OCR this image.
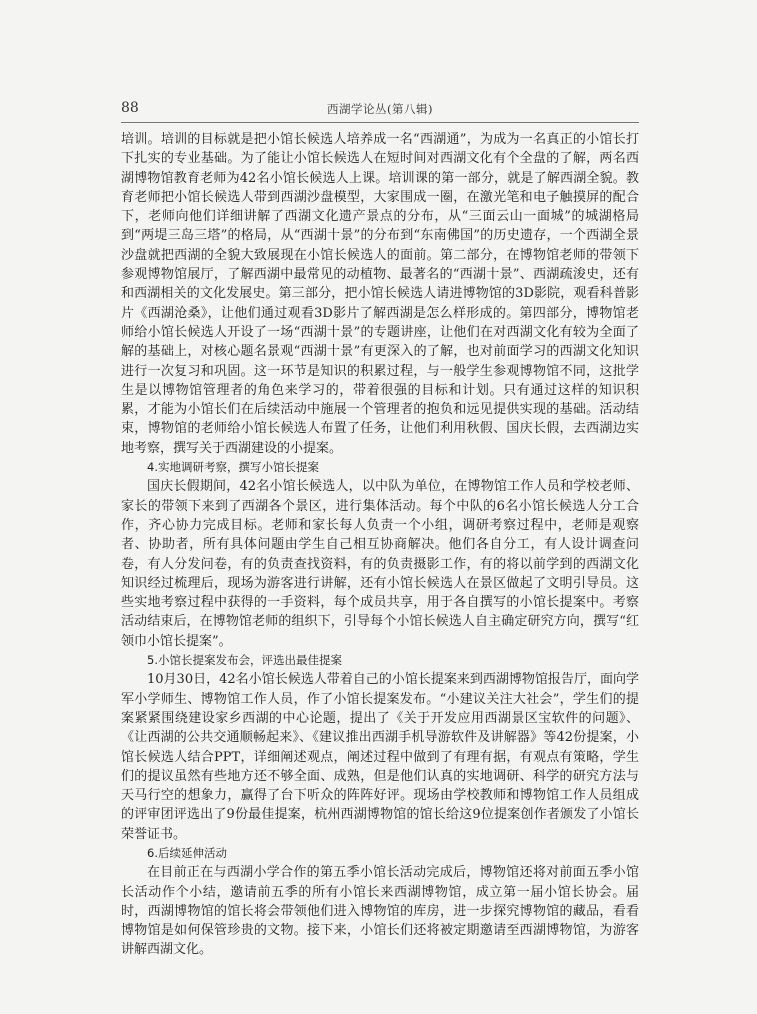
88	西湖学论丛(第八辑)

培训。培训的目标就是把小馆长候选人培养成一名“西湖通”，为成为一名真正的小馆长打下扎实的专业基础。为了能让小馆长候选人在短时间对西湖文化有个全盘的了解，两名西湖博物馆教育老师为42名小馆长候选人上课。培训课的第一部分，就是了解西湖全貌。教育老师把小馆长候选人带到西湖沙盘模型，大家围成一圈，在激光笔和电子触摸屏的配合下，老师向他们详细讲解了西湖文化遗产景点的分布，从“三面云山一面城”的城湖格局到“两堤三岛三塔”的格局，从“西湖十景”的分布到“东南佛国”的历史遗存，一个西湖全景沙盘就把西湖的全貌大致展现在小馆长候选人的面前。第二部分，在博物馆老师的带领下参观博物馆展厅，了解西湖中最常见的动植物、最著名的“西湖十景”、西湖疏浚史，还有和西湖相关的文化发展史。第三部分，把小馆长候选人请进博物馆的3D影院，观看科普影片《西湖沧桑》，让他们通过观看3D影片了解西湖是怎么样形成的。第四部分，博物馆老师给小馆长候选人开设了一场“西湖十景”的专题讲座，让他们在对西湖文化有较为全面了解的基础上，对核心题名景观“西湖十景”有更深入的了解，也对前面学习的西湖文化知识进行一次复习和巩固。这一环节是知识的积累过程，与一般学生参观博物馆不同，这批学生是以博物馆管理者的角色来学习的，带着很强的目标和计划。只有通过这样的知识积累，才能为小馆长们在后续活动中施展一个管理者的抱负和远见提供实现的基础。活动结束，博物馆的老师给小馆长候选人布置了任务，让他们利用秋假、国庆长假，去西湖边实地考察，撰写关于西湖建设的小提案。

4.实地调研考察，撰写小馆长提案

国庆长假期间，42名小馆长候选人，以中队为单位，在博物馆工作人员和学校老师、家长的带领下来到了西湖各个景区，进行集体活动。每个中队的6名小馆长候选人分工合作，齐心协力完成目标。老师和家长每人负责一个小组，调研考察过程中，老师是观察者、协助者，所有具体问题由学生自己相互协商解决。他们各自分工，有人设计调查问卷，有人分发问卷，有的负责查找资料，有的负责摄影工作，有的将以前学到的西湖文化知识经过梳理后，现场为游客进行讲解，还有小馆长候选人在景区做起了文明引导员。这些实地考察过程中获得的一手资料，每个成员共享，用于各自撰写的小馆长提案中。考察活动结束后，在博物馆老师的组织下，引导每个小馆长候选人自主确定研究方向，撰写“红领巾小馆长提案”。

5.小馆长提案发布会，评选出最佳提案

10月30日，42名小馆长候选人带着自己的小馆长提案来到西湖博物馆报告厅，面向学军小学师生、博物馆工作人员，作了小馆长提案发布。“小建议关注大社会”，学生们的提案紧紧围绕建设家乡西湖的中心论题，提出了《关于开发应用西湖景区宝软件的问题》、《让西湖的公共交通顺畅起来》、《建议推出西湖手机导游软件及讲解器》等42份提案，小馆长候选人结合PPT，详细阐述观点，阐述过程中做到了有理有据，有观点有策略，学生们的提议虽然有些地方还不够全面、成熟，但是他们认真的实地调研、科学的研究方法与天马行空的想象力，赢得了台下听众的阵阵好评。现场由学校教师和博物馆工作人员组成的评审团评选出了9份最佳提案，杭州西湖博物馆的馆长给这9位提案创作者颁发了小馆长荣誉证书。

6.后续延伸活动

在目前正在与西湖小学合作的第五季小馆长活动完成后，博物馆还将对前面五季小馆长活动作个小结，邀请前五季的所有小馆长来西湖博物馆，成立第一届小馆长协会。届时，西湖博物馆的馆长将会带领他们进入博物馆的库房，进一步探究博物馆的藏品，看看博物馆是如何保管珍贵的文物。接下来，小馆长们还将被定期邀请至西湖博物馆，为游客讲解西湖文化。
